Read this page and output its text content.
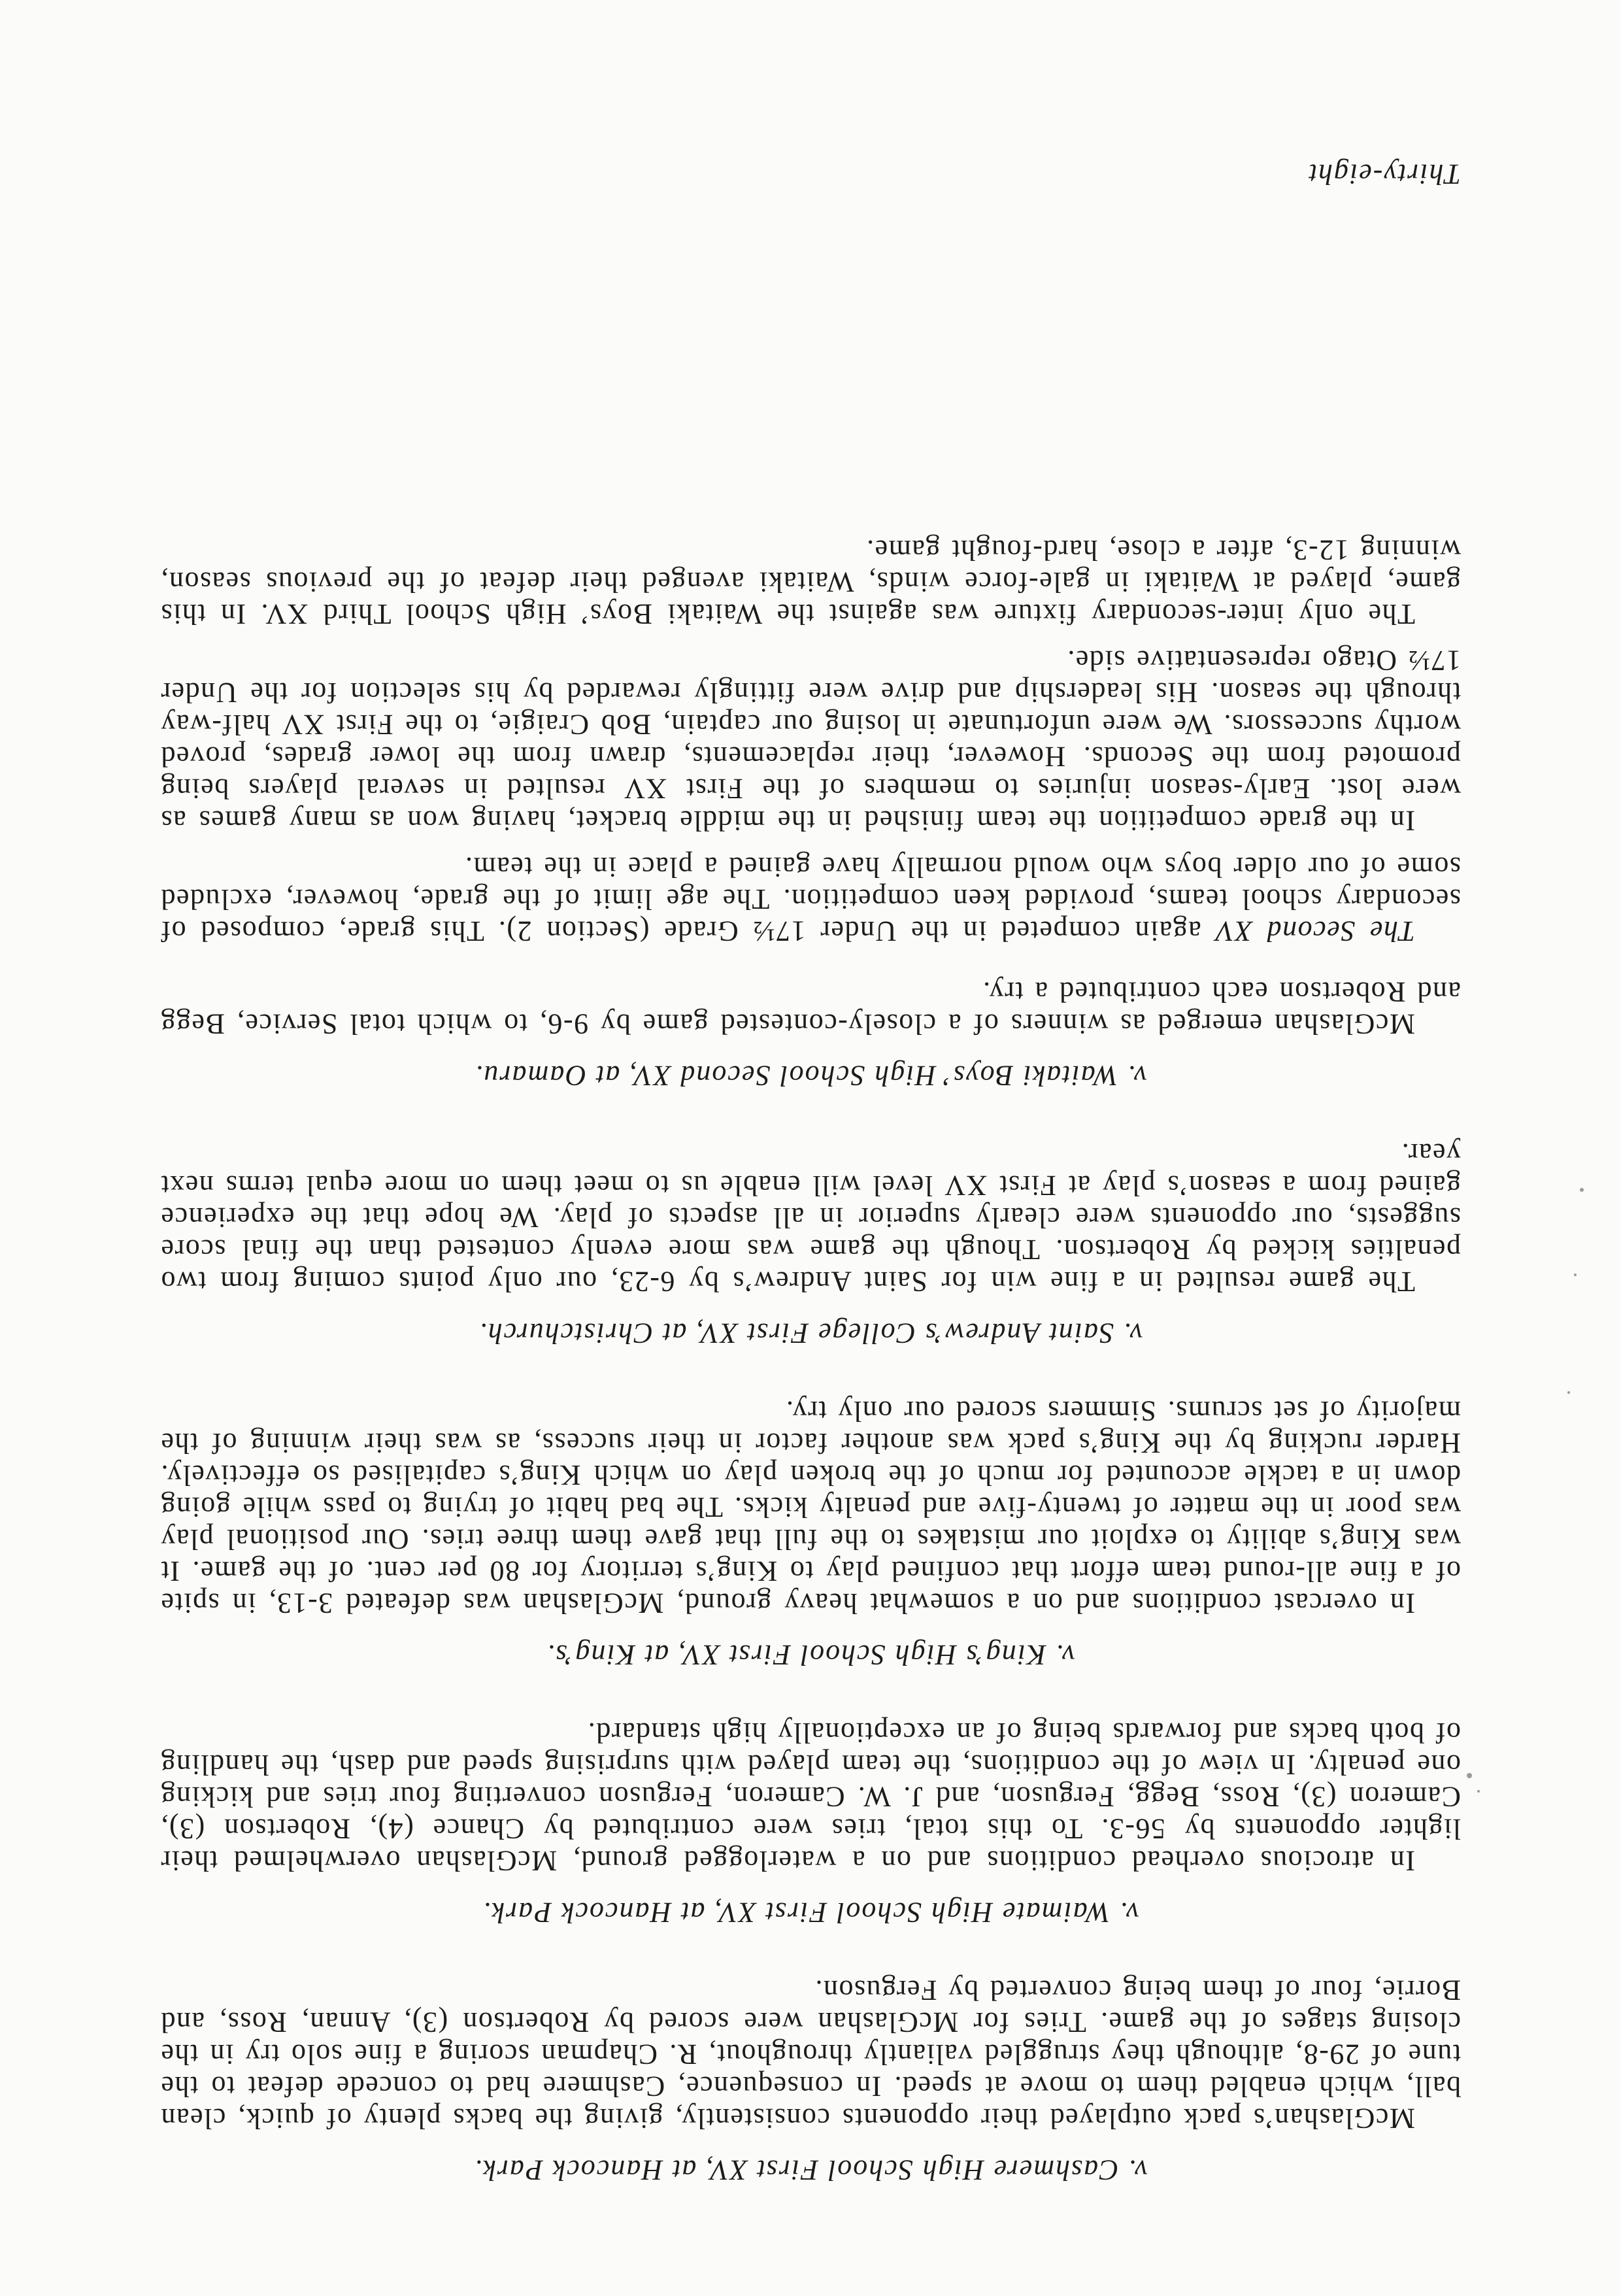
v. Cashmere High School First XV, at Hancock Park.

McGlashan’s pack outplayed their opponents consistently, giving the backs plenty of quick, clean ball, which enabled them to move at speed. In consequence, Cashmere had to concede defeat to the tune of 29-8, although they struggled valiantly throughout, R. Chapman scoring a fine solo try in the closing stages of the game. Tries for McGlashan were scored by Robertson (3), Annan, Ross, and Borrie, four of them being converted by Ferguson.

v. Waimate High School First XV, at Hancock Park.

In atrocious overhead conditions and on a waterlogged ground, McGlashan overwhelmed their lighter opponents by 56-3. To this total, tries were contributed by Chance (4), Robertson (3), Cameron (3), Ross, Begg, Ferguson, and J. W. Cameron, Ferguson converting four tries and kicking one penalty. In view of the conditions, the team played with surprising speed and dash, the handling of both backs and forwards being of an exceptionally high standard.

v. King’s High School First XV, at King’s.

In overcast conditions and on a somewhat heavy ground, McGlashan was defeated 3-13, in spite of a fine all-round team effort that confined play to King’s territory for 80 per cent. of the game. It was King’s ability to exploit our mistakes to the full that gave them three tries. Our positional play was poor in the matter of twenty-five and penalty kicks. The bad habit of trying to pass while going down in a tackle accounted for much of the broken play on which King’s capitalised so effectively. Harder rucking by the King’s pack was another factor in their success, as was their winning of the majority of set scrums. Simmers scored our only try.

v. Saint Andrew’s College First XV, at Christchurch.

The game resulted in a fine win for Saint Andrew’s by 6-23, our only points coming from two penalties kicked by Robertson. Though the game was more evenly contested than the final score suggests, our opponents were clearly superior in all aspects of play. We hope that the experience gained from a season’s play at First XV level will enable us to meet them on more equal terms next year.

v. Waitaki Boys’ High School Second XV, at Oamaru.

McGlashan emerged as winners of a closely-contested game by 9-6, to which total Service, Begg and Robertson each contributed a try.

The Second XV again competed in the Under 17½ Grade (Section 2). This grade, composed of secondary school teams, provided keen competition. The age limit of the grade, however, excluded some of our older boys who would normally have gained a place in the team.

In the grade competition the team finished in the middle bracket, having won as many games as were lost. Early-season injuries to members of the First XV resulted in several players being promoted from the Seconds. However, their replacements, drawn from the lower grades, proved worthy successors. We were unfortunate in losing our captain, Bob Craigie, to the First XV half-way through the season. His leadership and drive were fittingly rewarded by his selection for the Under 17½ Otago representative side.

The only inter-secondary fixture was against the Waitaki Boys’ High School Third XV. In this game, played at Waitaki in gale-force winds, Waitaki avenged their defeat of the previous season, winning 12-3, after a close, hard-fought game.

Thirty-eight
